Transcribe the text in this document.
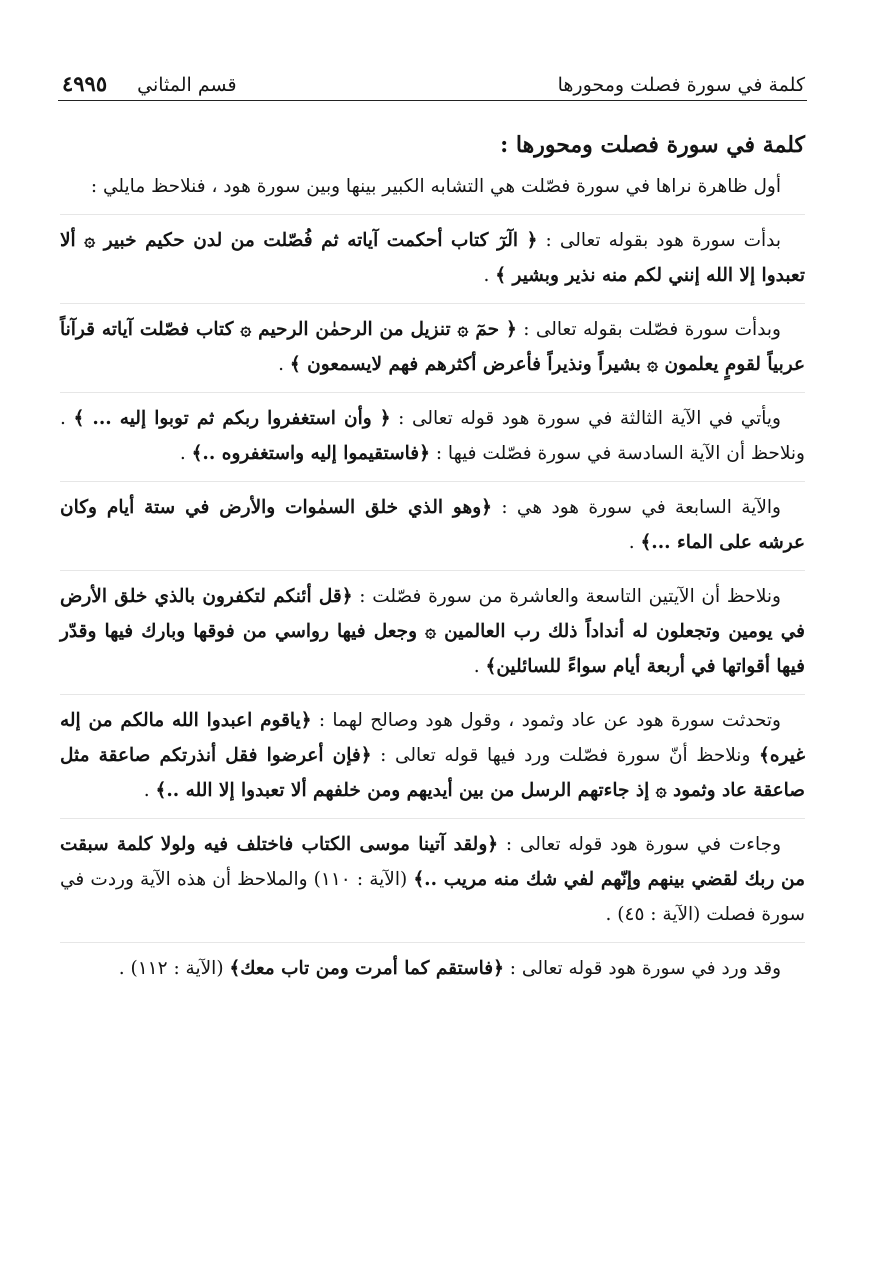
كلمة في سورة فصلت ومحورها
قسم المثاني
٤٩٩٥
كلمة في سورة فصلت ومحورها :

أول ظاهرة نراها في سورة فصّلت هي التشابه الكبير بينها وبين سورة هود ، فنلاحظ مايلي :

بدأت سورة هود بقوله تعالى : ﴿ الٓرٓ كتاب أحكمت آياته ثم فُصّلت من لدن حكيم خبير ۞ ألا تعبدوا إلا الله إنني لكم منه نذير وبشير ﴾ .

وبدأت سورة فصّلت بقوله تعالى : ﴿ حمٓ ۞ تنزيل من الرحمٰن الرحيم ۞ كتاب فصّلت آياته قرآناً عربياً لقومٍ يعلمون ۞ بشيراً ونذيراً فأعرض أكثرهم فهم لايسمعون ﴾ .

ويأتي في الآية الثالثة في سورة هود قوله تعالى : ﴿ وأن استغفروا ربكم ثم توبوا إليه ... ﴾ . ونلاحظ أن الآية السادسة في سورة فصّلت فيها : ﴿فاستقيموا إليه واستغفروه ..﴾ .

والآية السابعة في سورة هود هي : ﴿وهو الذي خلق السمٰوات والأرض في ستة أيام وكان عرشه على الماء ...﴾ .

ونلاحظ أن الآيتين التاسعة والعاشرة من سورة فصّلت : ﴿قل أئنكم لتكفرون بالذي خلق الأرض في يومين وتجعلون له أنداداً ذلك رب العالمين ۞ وجعل فيها رواسي من فوقها وبارك فيها وقدّر فيها أقواتها في أربعة أيام سواءً للسائلين﴾ .

وتحدثت سورة هود عن عاد وثمود ، وقول هود وصالح لهما : ﴿ياقوم اعبدوا الله مالكم من إله غيره﴾ ونلاحظ أنّ سورة فصّلت ورد فيها قوله تعالى : ﴿فإن أعرضوا فقل أنذرتكم صاعقة مثل صاعقة عاد وثمود ۞ إذ جاءتهم الرسل من بين أيديهم ومن خلفهم ألا تعبدوا إلا الله ..﴾ .

وجاءت في سورة هود قوله تعالى : ﴿ولقد آتينا موسى الكتاب فاختلف فيه ولولا كلمة سبقت من ربك لقضي بينهم وإنّهم لفي شك منه مريب ..﴾ (الآية : ١١٠) والملاحظ أن هذه الآية وردت في سورة فصلت (الآية : ٤٥) .

وقد ورد في سورة هود قوله تعالى : ﴿فاستقم كما أمرت ومن تاب معك﴾ (الآية : ١١٢) .
